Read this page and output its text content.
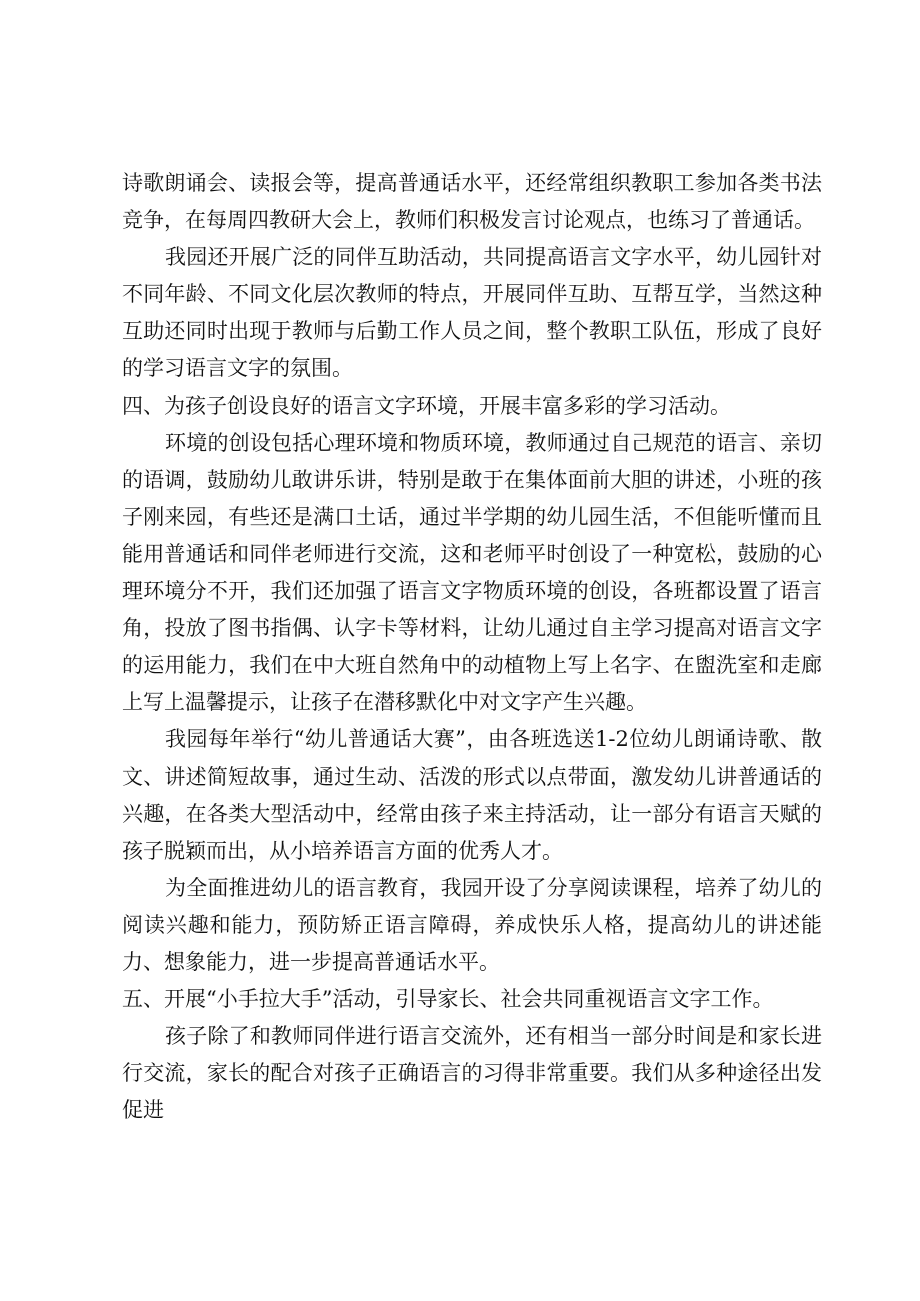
诗歌朗诵会、读报会等，提高普通话水平，还经常组织教职工参加各类书法竞争，在每周四教研大会上，教师们积极发言讨论观点，也练习了普通话。

我园还开展广泛的同伴互助活动，共同提高语言文字水平，幼儿园针对不同年龄、不同文化层次教师的特点，开展同伴互助、互帮互学，当然这种互助还同时出现于教师与后勤工作人员之间，整个教职工队伍，形成了良好的学习语言文字的氛围。

四、为孩子创设良好的语言文字环境，开展丰富多彩的学习活动。

环境的创设包括心理环境和物质环境，教师通过自己规范的语言、亲切的语调，鼓励幼儿敢讲乐讲，特别是敢于在集体面前大胆的讲述，小班的孩子刚来园，有些还是满口土话，通过半学期的幼儿园生活，不但能听懂而且能用普通话和同伴老师进行交流，这和老师平时创设了一种宽松，鼓励的心理环境分不开，我们还加强了语言文字物质环境的创设，各班都设置了语言角，投放了图书指偶、认字卡等材料，让幼儿通过自主学习提高对语言文字的运用能力，我们在中大班自然角中的动植物上写上名字、在盥洗室和走廊上写上温馨提示，让孩子在潜移默化中对文字产生兴趣。

我园每年举行“幼儿普通话大赛”，由各班选送1-2位幼儿朗诵诗歌、散文、讲述简短故事，通过生动、活泼的形式以点带面，激发幼儿讲普通话的兴趣，在各类大型活动中，经常由孩子来主持活动，让一部分有语言天赋的孩子脱颖而出，从小培养语言方面的优秀人才。

为全面推进幼儿的语言教育，我园开设了分享阅读课程，培养了幼儿的阅读兴趣和能力，预防矫正语言障碍，养成快乐人格，提高幼儿的讲述能力、想象能力，进一步提高普通话水平。

五、开展“小手拉大手”活动，引导家长、社会共同重视语言文字工作。

孩子除了和教师同伴进行语言交流外，还有相当一部分时间是和家长进行交流，家长的配合对孩子正确语言的习得非常重要。我们从多种途径出发促进
